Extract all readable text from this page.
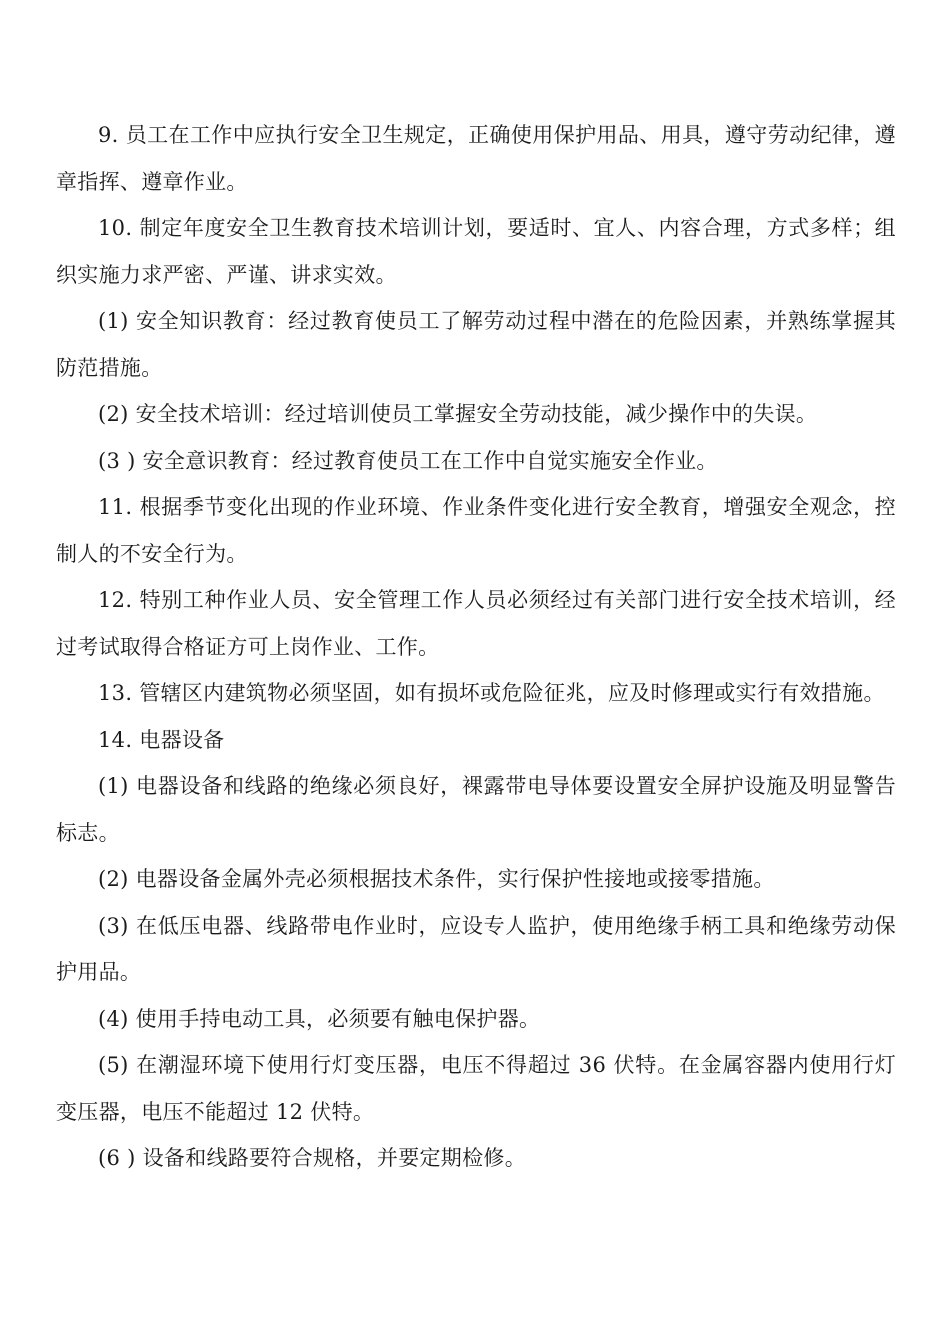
9. 员工在工作中应执行安全卫生规定，正确使用保护用品、用具，遵守劳动纪律，遵章指挥、遵章作业。

10. 制定年度安全卫生教育技术培训计划，要适时、宜人、内容合理，方式多样；组织实施力求严密、严谨、讲求实效。

(1) 安全知识教育：经过教育使员工了解劳动过程中潜在的危险因素，并熟练掌握其防范措施。

(2) 安全技术培训：经过培训使员工掌握安全劳动技能，减少操作中的失误。

(3 ) 安全意识教育：经过教育使员工在工作中自觉实施安全作业。

11. 根据季节变化出现的作业环境、作业条件变化进行安全教育，增强安全观念，控制人的不安全行为。

12. 特别工种作业人员、安全管理工作人员必须经过有关部门进行安全技术培训，经过考试取得合格证方可上岗作业、工作。

13. 管辖区内建筑物必须坚固，如有损坏或危险征兆，应及时修理或实行有效措施。

14. 电器设备

(1) 电器设备和线路的绝缘必须良好，裸露带电导体要设置安全屏护设施及明显警告标志。

(2) 电器设备金属外壳必须根据技术条件，实行保护性接地或接零措施。

(3) 在低压电器、线路带电作业时，应设专人监护，使用绝缘手柄工具和绝缘劳动保护用品。

(4) 使用手持电动工具，必须要有触电保护器。

(5) 在潮湿环境下使用行灯变压器，电压不得超过 36 伏特。在金属容器内使用行灯变压器，电压不能超过 12 伏特。

(6 ) 设备和线路要符合规格，并要定期检修。
